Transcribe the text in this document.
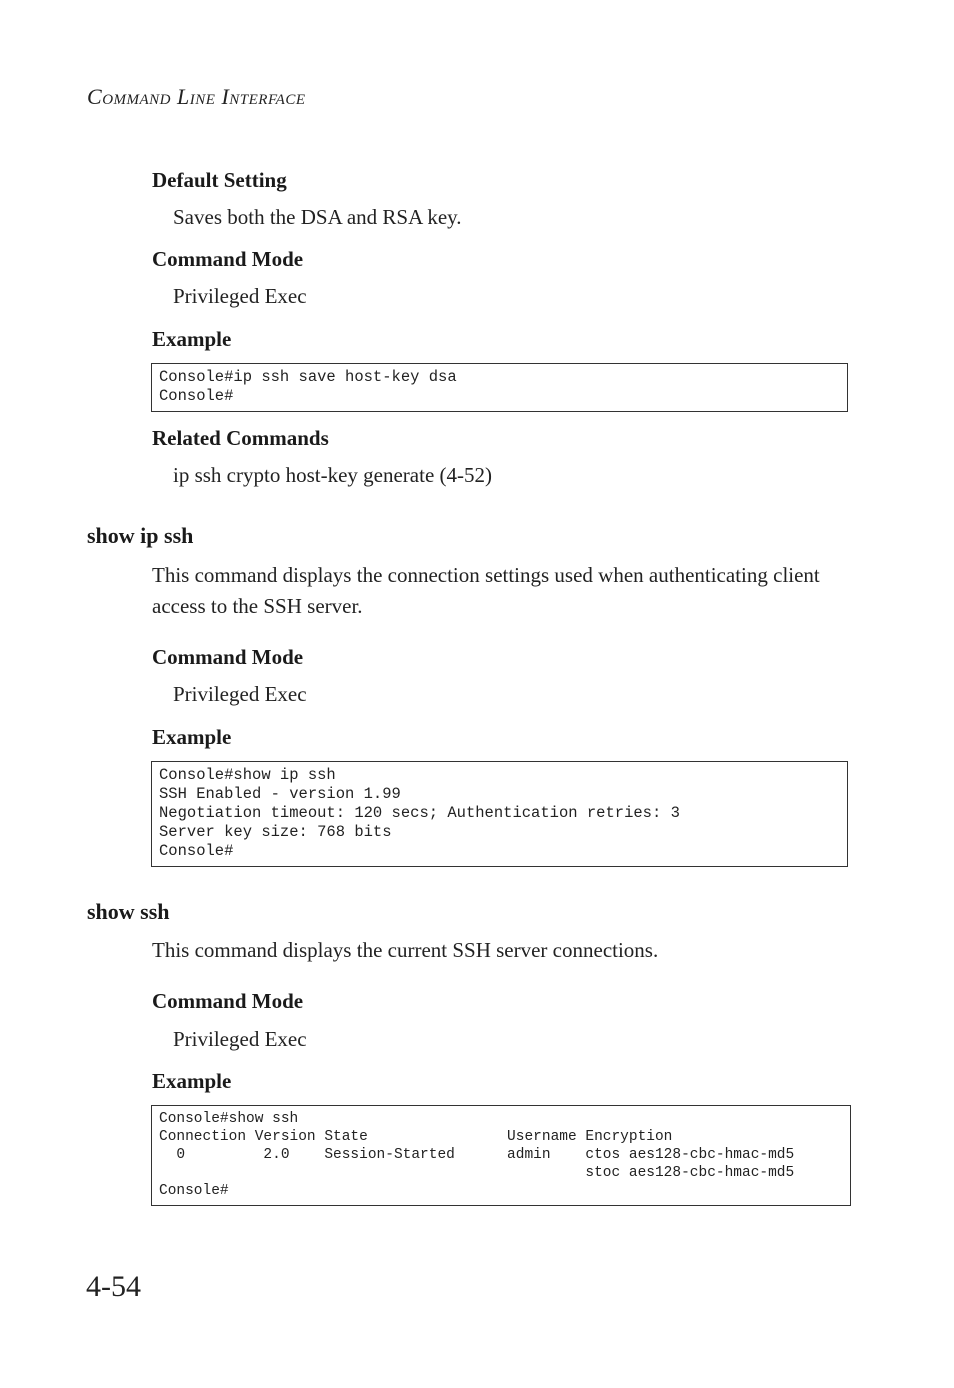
COMMAND LINE INTERFACE
Default Setting
Saves both the DSA and RSA key.
Command Mode
Privileged Exec
Example
Console#ip ssh save host-key dsa
Console#
Related Commands
ip ssh crypto host-key generate (4-52)
show ip ssh
This command displays the connection settings used when authenticating client access to the SSH server.
Command Mode
Privileged Exec
Example
Console#show ip ssh
SSH Enabled - version 1.99
Negotiation timeout: 120 secs; Authentication retries: 3
Server key size: 768 bits
Console#
show ssh
This command displays the current SSH server connections.
Command Mode
Privileged Exec
Example
Console#show ssh
Connection Version State                Username Encryption
0         2.0    Session-Started      admin    ctos aes128-cbc-hmac-md5
stoc aes128-cbc-hmac-md5
Console#
4-54
